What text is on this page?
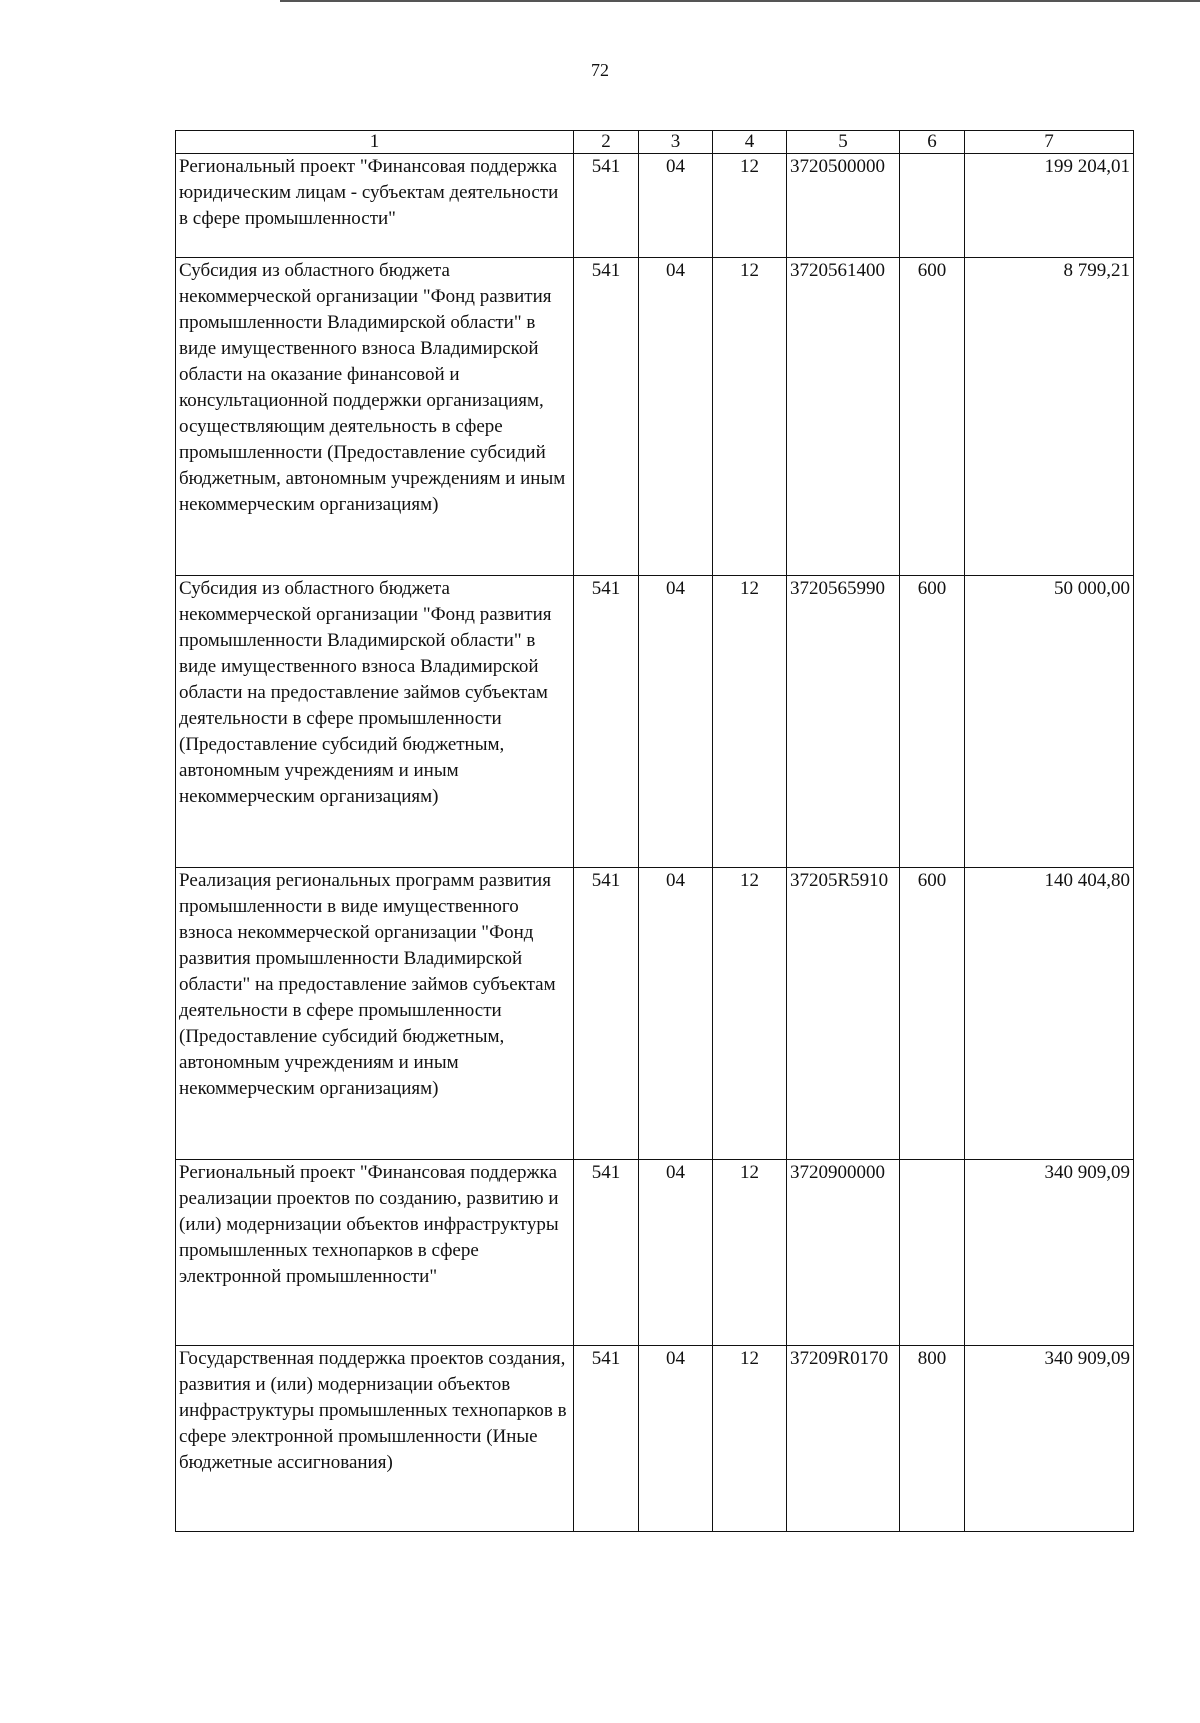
72
1	2	3	4	5	6	7
Региональный проект "Финансовая поддержка юридическим лицам - субъектам деятельности в сфере промышленности"	541	04	12	3720500000		199 204,01
Субсидия из областного бюджета некоммерческой организации "Фонд развития промышленности Владимирской области" в виде имущественного взноса Владимирской области на оказание финансовой и консультационной поддержки организациям, осуществляющим деятельность в сфере промышленности (Предоставление субсидий бюджетным, автономным учреждениям и иным некоммерческим организациям)	541	04	12	3720561400	600	8 799,21
Субсидия из областного бюджета некоммерческой организации "Фонд развития промышленности Владимирской области" в виде имущественного взноса Владимирской области на предоставление займов субъектам деятельности в сфере промышленности (Предоставление субсидий бюджетным, автономным учреждениям и иным некоммерческим организациям)	541	04	12	3720565990	600	50 000,00
Реализация региональных программ развития промышленности в виде имущественного взноса некоммерческой организации "Фонд развития промышленности Владимирской области" на предоставление займов субъектам деятельности в сфере промышленности (Предоставление субсидий бюджетным, автономным учреждениям и иным некоммерческим организациям)	541	04	12	37205R5910	600	140 404,80
Региональный проект "Финансовая поддержка реализации проектов по созданию, развитию и (или) модернизации объектов инфраструктуры промышленных технопарков в сфере электронной промышленности"	541	04	12	3720900000		340 909,09
Государственная поддержка проектов создания, развития и (или) модернизации объектов инфраструктуры промышленных технопарков в сфере электронной промышленности (Иные бюджетные ассигнования)	541	04	12	37209R0170	800	340 909,09
